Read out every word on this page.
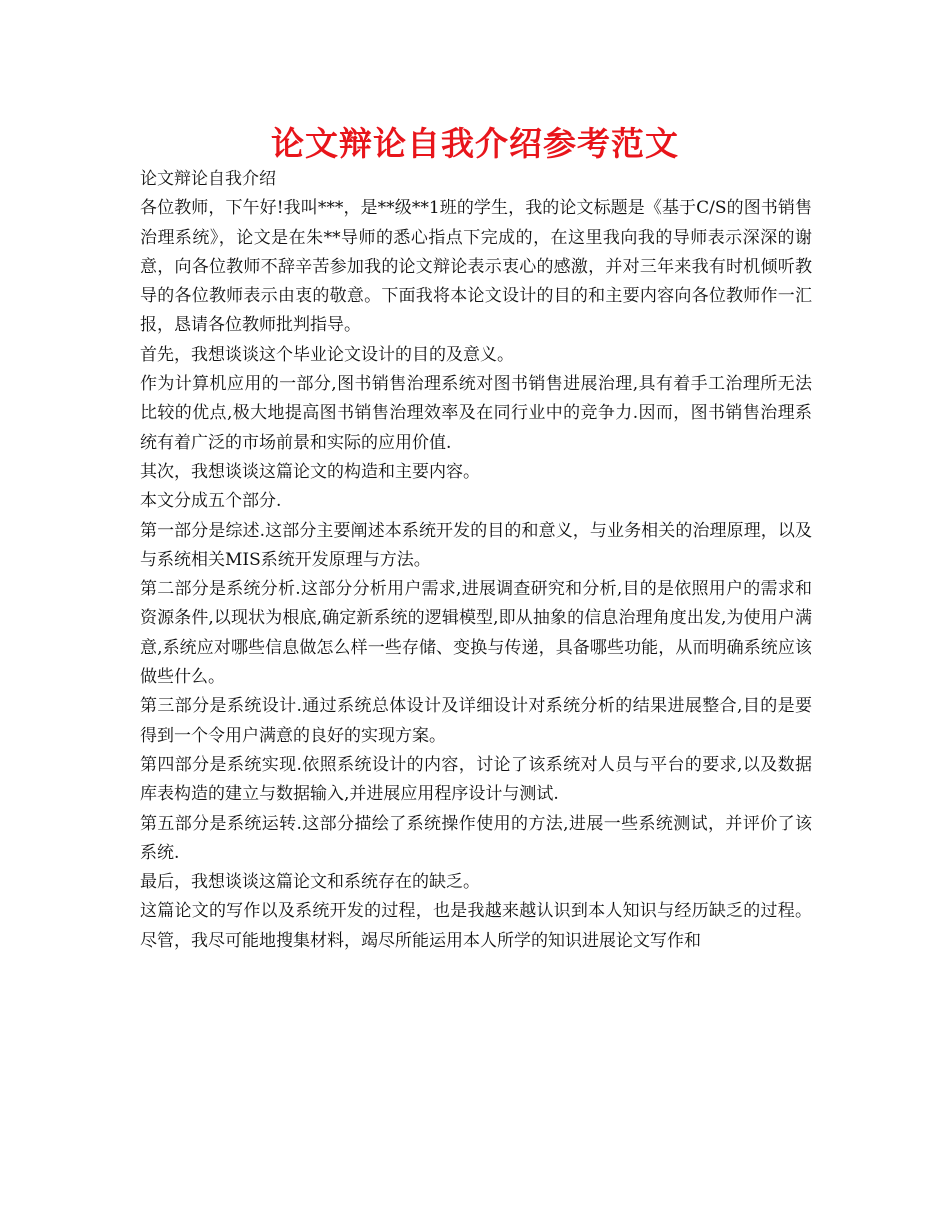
论文辩论自我介绍参考范文

论文辩论自我介绍

各位教师，下午好!我叫***，是**级**1班的学生，我的论文标题是《基于C/S的图书销售治理系统》，论文是在朱**导师的悉心指点下完成的，在这里我向我的导师表示深深的谢意，向各位教师不辞辛苦参加我的论文辩论表示衷心的感激，并对三年来我有时机倾听教导的各位教师表示由衷的敬意。下面我将本论文设计的目的和主要内容向各位教师作一汇报，恳请各位教师批判指导。

首先，我想谈谈这个毕业论文设计的目的及意义。

作为计算机应用的一部分,图书销售治理系统对图书销售进展治理,具有着手工治理所无法比较的优点,极大地提高图书销售治理效率及在同行业中的竞争力.因而，图书销售治理系统有着广泛的市场前景和实际的应用价值.

其次，我想谈谈这篇论文的构造和主要内容。

本文分成五个部分.

第一部分是综述.这部分主要阐述本系统开发的目的和意义，与业务相关的治理原理，以及与系统相关MIS系统开发原理与方法。

第二部分是系统分析.这部分分析用户需求,进展调查研究和分析,目的是依照用户的需求和资源条件,以现状为根底,确定新系统的逻辑模型,即从抽象的信息治理角度出发,为使用户满意,系统应对哪些信息做怎么样一些存储、变换与传递，具备哪些功能，从而明确系统应该做些什么。

第三部分是系统设计.通过系统总体设计及详细设计对系统分析的结果进展整合,目的是要得到一个令用户满意的良好的实现方案。

第四部分是系统实现.依照系统设计的内容，讨论了该系统对人员与平台的要求,以及数据库表构造的建立与数据输入,并进展应用程序设计与测试.

第五部分是系统运转.这部分描绘了系统操作使用的方法,进展一些系统测试，并评价了该系统.

最后，我想谈谈这篇论文和系统存在的缺乏。

这篇论文的写作以及系统开发的过程，也是我越来越认识到本人知识与经历缺乏的过程。尽管，我尽可能地搜集材料，竭尽所能运用本人所学的知识进展论文写作和
